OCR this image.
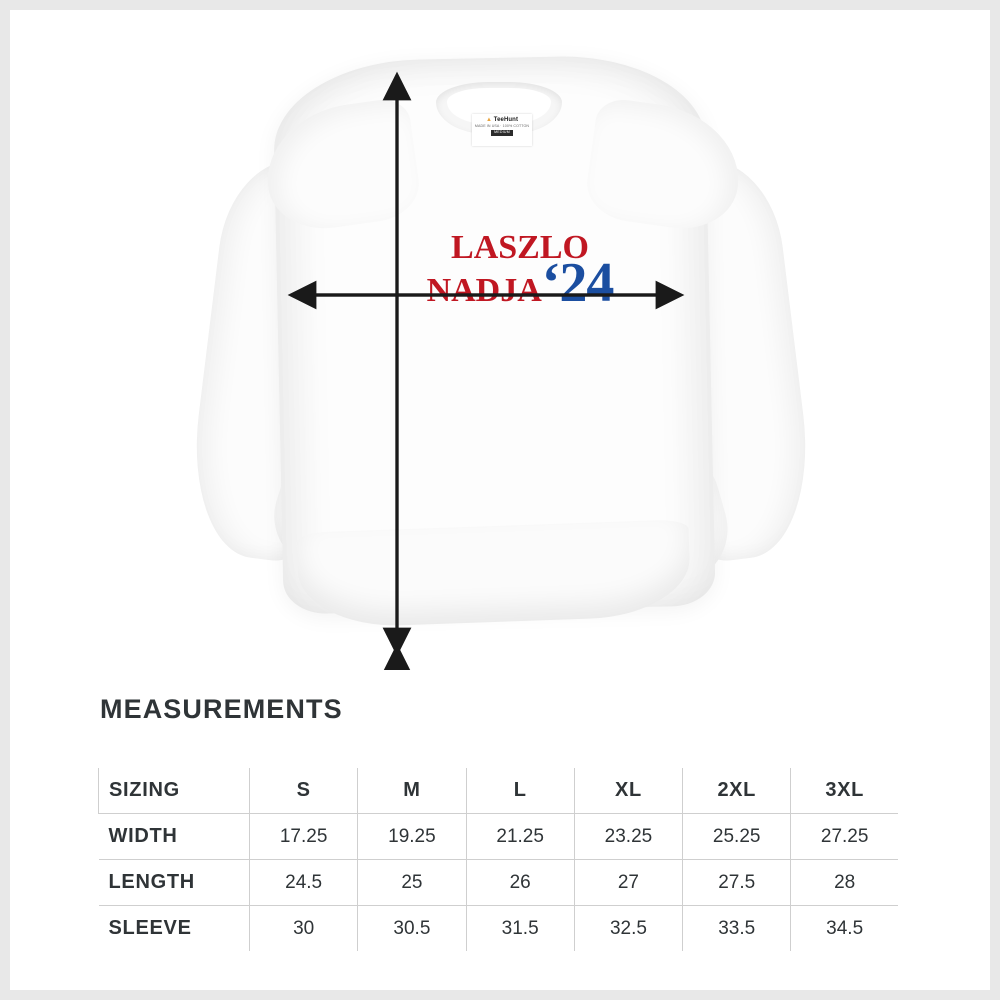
▲ TeeHunt
MADE IN USA · 100% COTTON
MEDIUM
laszlo
nadja‘24
MEASUREMENTS
SIZING	S	M	L	XL	2XL	3XL
WIDTH	17.25	19.25	21.25	23.25	25.25	27.25
LENGTH	24.5	25	26	27	27.5	28
SLEEVE	30	30.5	31.5	32.5	33.5	34.5
